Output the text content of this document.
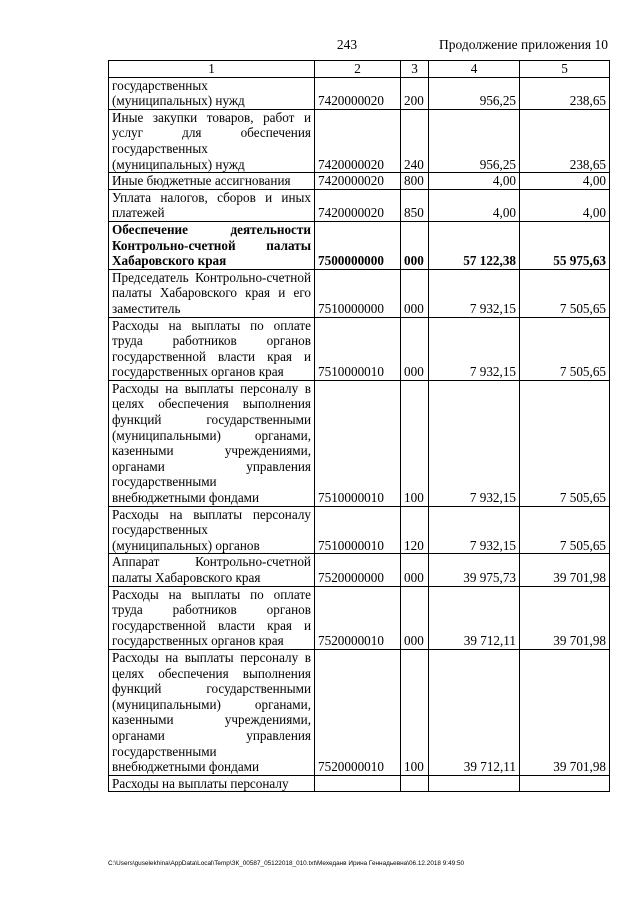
243	Продолжение приложения 10
1	2	3	4	5
государственных (муниципальных) нужд	7420000020	200	956,25	238,65
Иные закупки товаров, работ и услуг для обеспечения государственных (муниципальных) нужд	7420000020	240	956,25	238,65
Иные бюджетные ассигнования	7420000020	800	4,00	4,00
Уплата налогов, сборов и иных платежей	7420000020	850	4,00	4,00
Обеспечение деятельности Контрольно-счетной палаты Хабаровского края	7500000000	000	57 122,38	55 975,63
Председатель Контрольно-счетной палаты Хабаровского края и его заместитель	7510000000	000	7 932,15	7 505,65
Расходы на выплаты по оплате труда работников органов государственной власти края и государственных органов края	7510000010	000	7 932,15	7 505,65
Расходы на выплаты персоналу в целях обеспечения выполнения функций государственными (муниципальными) органами, казенными учреждениями, органами управления государственными внебюджетными фондами	7510000010	100	7 932,15	7 505,65
Расходы на выплаты персоналу государственных (муниципальных) органов	7510000010	120	7 932,15	7 505,65
Аппарат Контрольно-счетной палаты Хабаровского края	7520000000	000	39 975,73	39 701,98
Расходы на выплаты по оплате труда работников органов государственной власти края и государственных органов края	7520000010	000	39 712,11	39 701,98
Расходы на выплаты персоналу в целях обеспечения выполнения функций государственными (муниципальными) органами, казенными учреждениями, органами управления государственными внебюджетными фондами	7520000010	100	39 712,11	39 701,98
Расходы на выплаты персоналу				
C:\Users\guselekhina\AppData\Local\Temp\ЗК_00587_05122018_010.txt\Мехеданв Ирина Геннадьевна\06.12.2018 9:49:50
